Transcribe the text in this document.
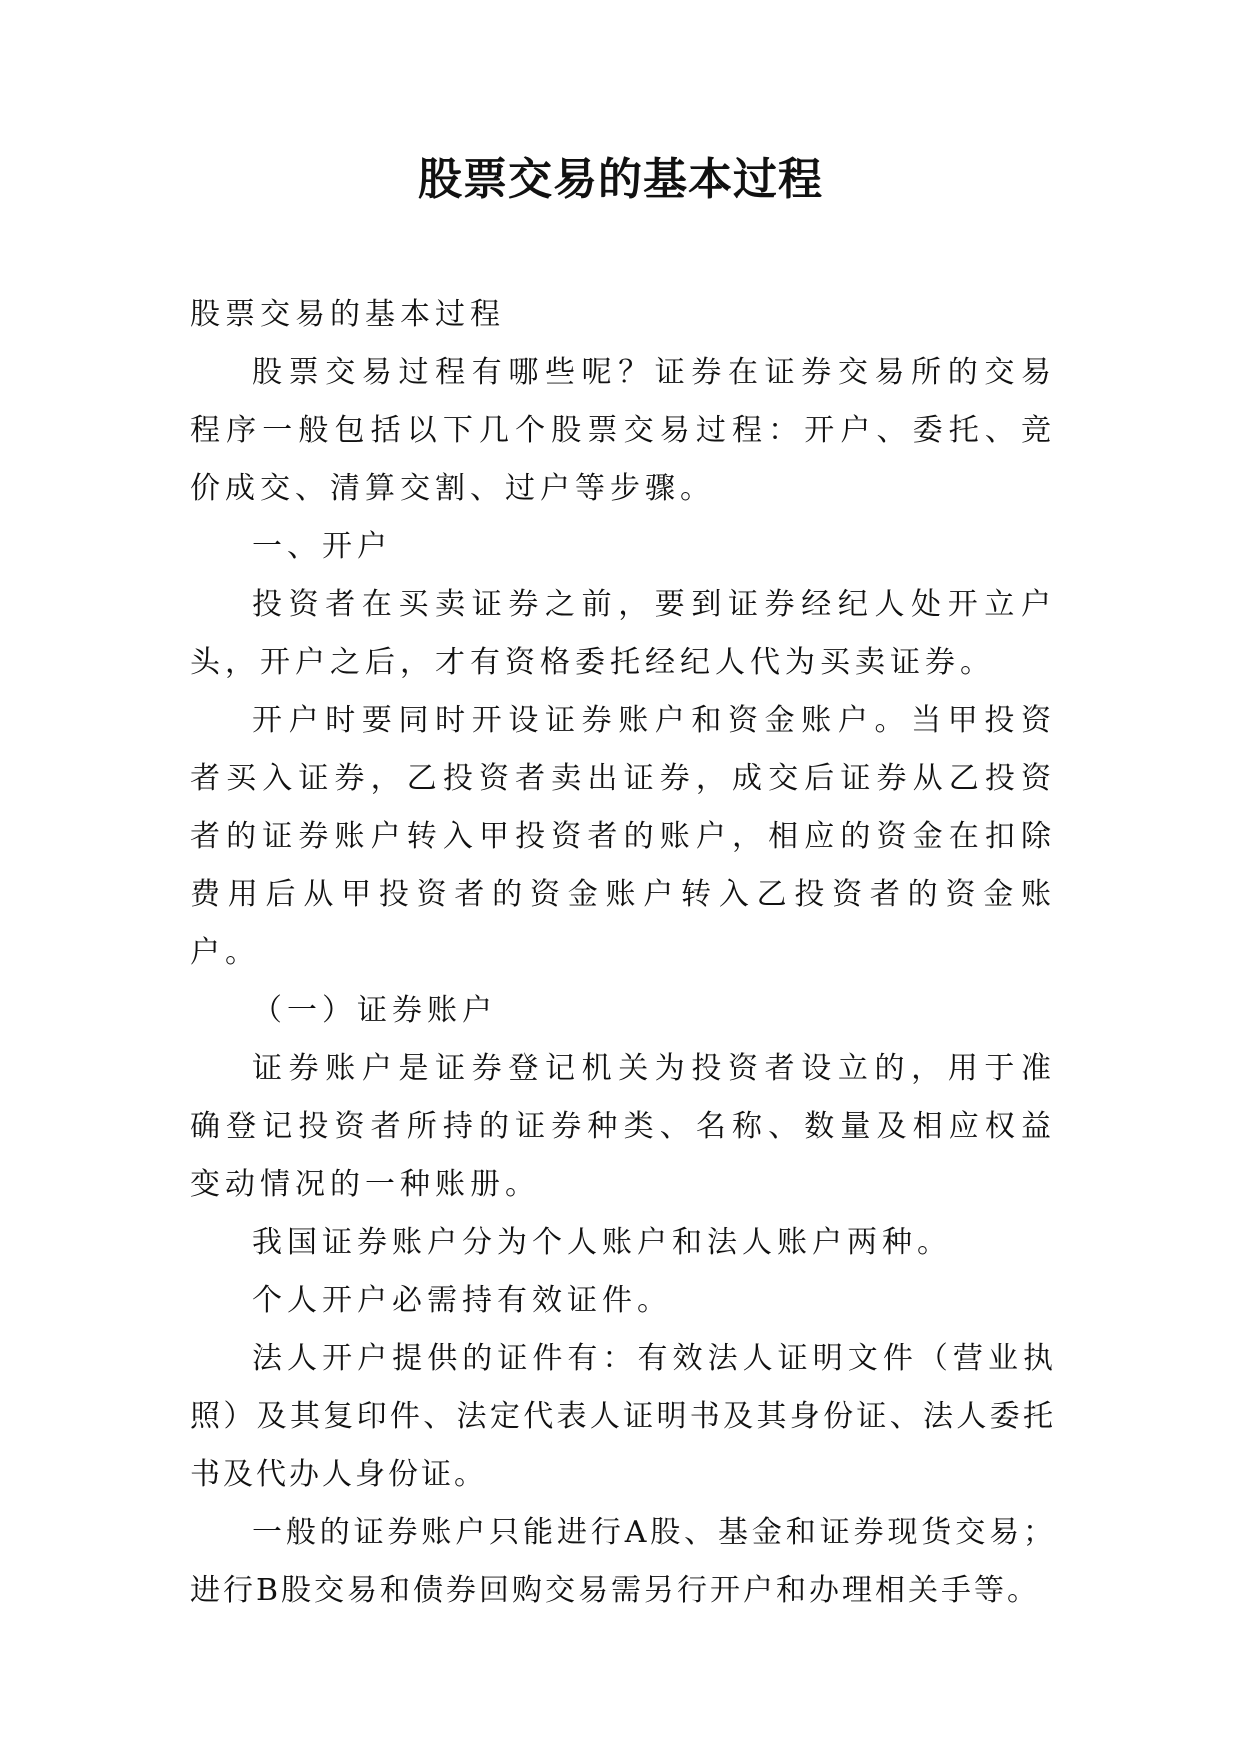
股票交易的基本过程

股票交易的基本过程

股票交易过程有哪些呢？证券在证券交易所的交易程序一般包括以下几个股票交易过程：开户、委托、竞价成交、清算交割、过户等步骤。

一、开户

投资者在买卖证券之前，要到证券经纪人处开立户头，开户之后，才有资格委托经纪人代为买卖证券。

开户时要同时开设证券账户和资金账户。当甲投资者买入证券，乙投资者卖出证券，成交后证券从乙投资者的证券账户转入甲投资者的账户，相应的资金在扣除费用后从甲投资者的资金账户转入乙投资者的资金账户。

（一）证券账户

证券账户是证券登记机关为投资者设立的，用于准确登记投资者所持的证券种类、名称、数量及相应权益变动情况的一种账册。

我国证券账户分为个人账户和法人账户两种。

个人开户必需持有效证件。

法人开户提供的证件有：有效法人证明文件（营业执照）及其复印件、法定代表人证明书及其身份证、法人委托书及代办人身份证。

一般的证券账户只能进行A股、基金和证券现货交易；进行B股交易和债券回购交易需另行开户和办理相关手等。
